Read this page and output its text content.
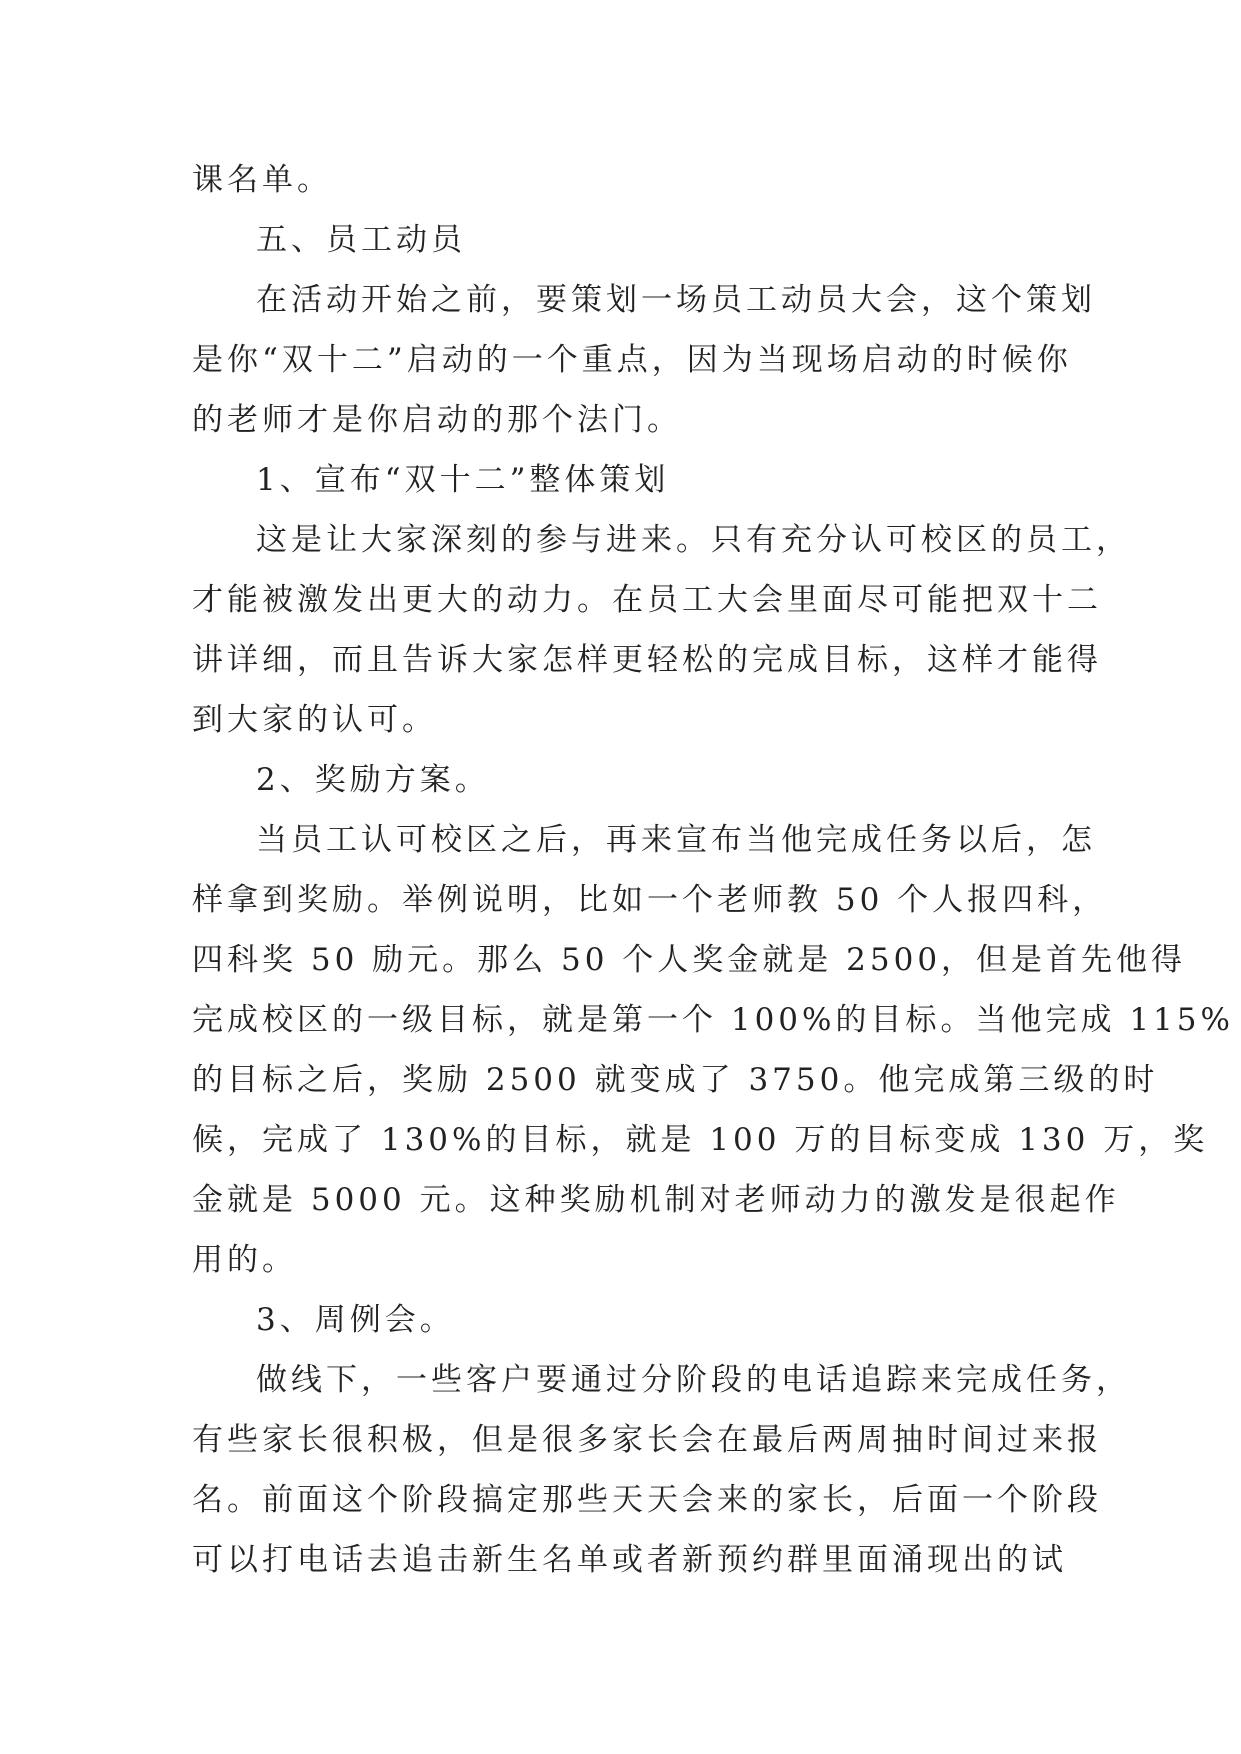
课名单。
五、员工动员
在活动开始之前，要策划一场员工动员大会，这个策划
是你“双十二”启动的一个重点，因为当现场启动的时候你
的老师才是你启动的那个法门。
1、宣布“双十二”整体策划
这是让大家深刻的参与进来。只有充分认可校区的员工，
才能被激发出更大的动力。在员工大会里面尽可能把双十二
讲详细，而且告诉大家怎样更轻松的完成目标，这样才能得
到大家的认可。
2、奖励方案。
当员工认可校区之后，再来宣布当他完成任务以后，怎
样拿到奖励。举例说明，比如一个老师教 50 个人报四科，
四科奖 50 励元。那么 50 个人奖金就是 2500，但是首先他得
完成校区的一级目标，就是第一个 100%的目标。当他完成 115%
的目标之后，奖励 2500 就变成了 3750。他完成第三级的时
候，完成了 130%的目标，就是 100 万的目标变成 130 万，奖
金就是 5000 元。这种奖励机制对老师动力的激发是很起作
用的。
3、周例会。
做线下，一些客户要通过分阶段的电话追踪来完成任务，
有些家长很积极，但是很多家长会在最后两周抽时间过来报
名。前面这个阶段搞定那些天天会来的家长，后面一个阶段
可以打电话去追击新生名单或者新预约群里面涌现出的试
